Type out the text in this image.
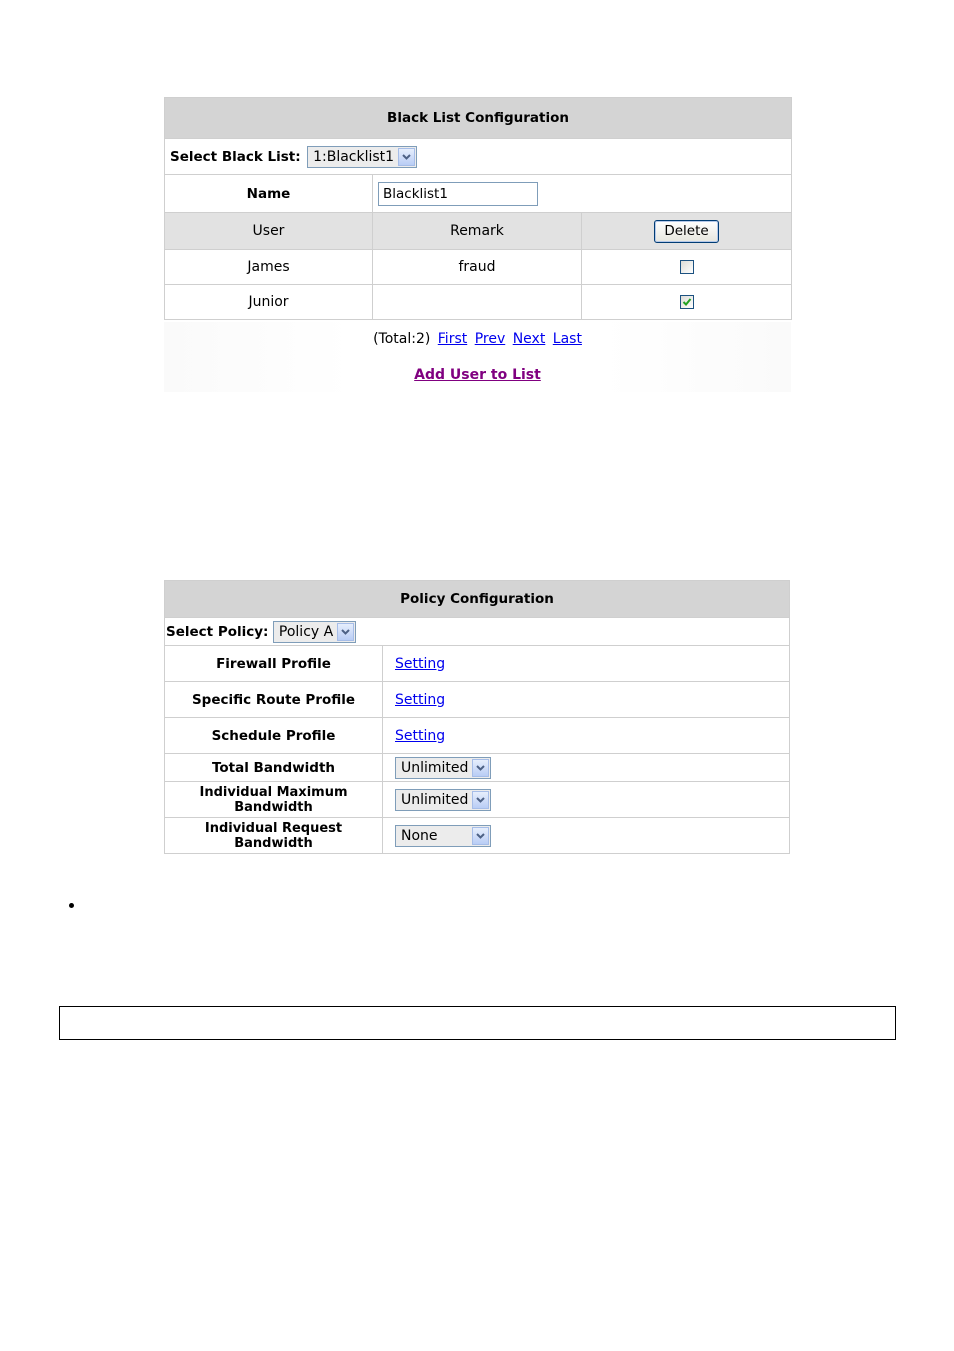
Black List Configuration		
Select Black List: 1:Blacklist1		

Name	Blacklist1
User	Remark	Delete
James	fraud	
Junior		
(Total:2) First Prev Next Last
Add User to List
Policy Configuration	
Select Policy: Policy A	

Firewall Profile	Setting
Specific Route Profile	Setting
Schedule Profile	Setting
Total Bandwidth	Unlimited

Individual Maximum Bandwidth	Unlimited

Individual Request Bandwidth	None
